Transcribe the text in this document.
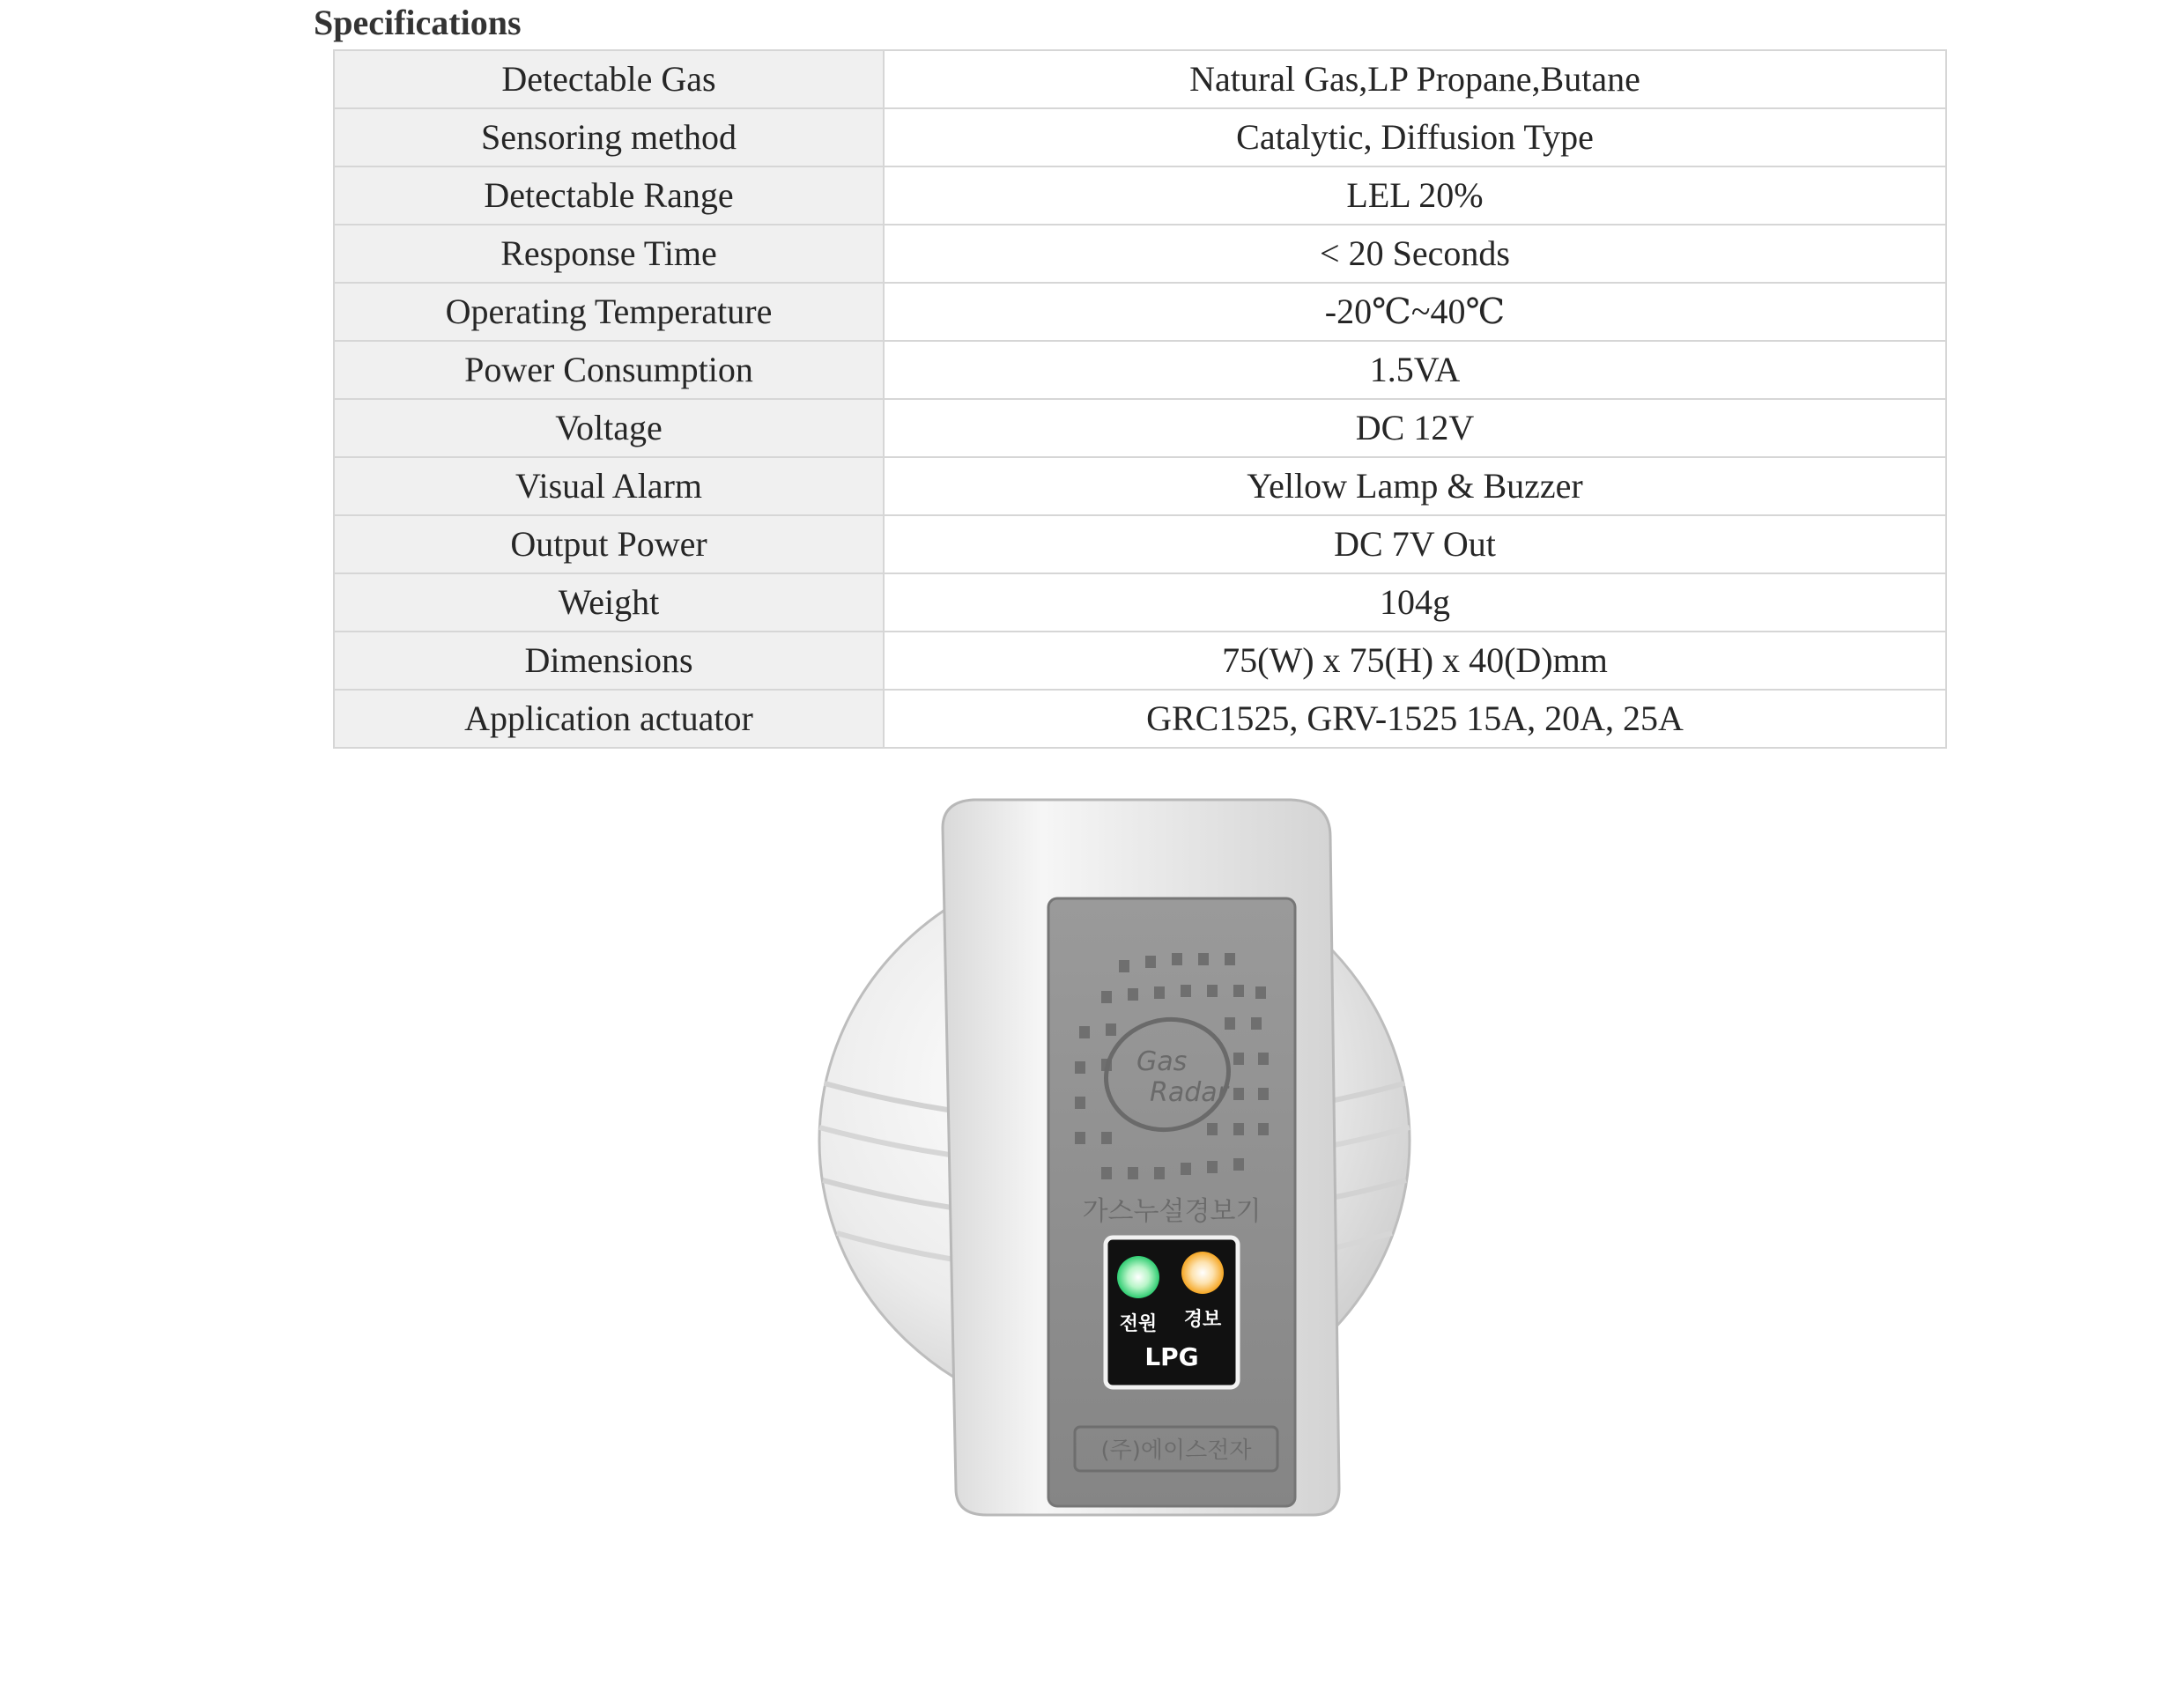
Specifications
Detectable Gas	Natural Gas,LP Propane,Butane
Sensoring method	Catalytic, Diffusion Type
Detectable Range	LEL 20%
Response Time	< 20 Seconds
Operating Temperature	-20℃~40℃
Power Consumption	1.5VA
Voltage	DC 12V
Visual Alarm	Yellow Lamp & Buzzer
Output Power	DC 7V Out
Weight	104g
Dimensions	75(W) x 75(H) x 40(D)mm
Application actuator	GRC1525, GRV-1525 15A, 20A, 25A
Gas
Radar
가스누설경보기
전원 경보
LPG
(주)에이스전자
